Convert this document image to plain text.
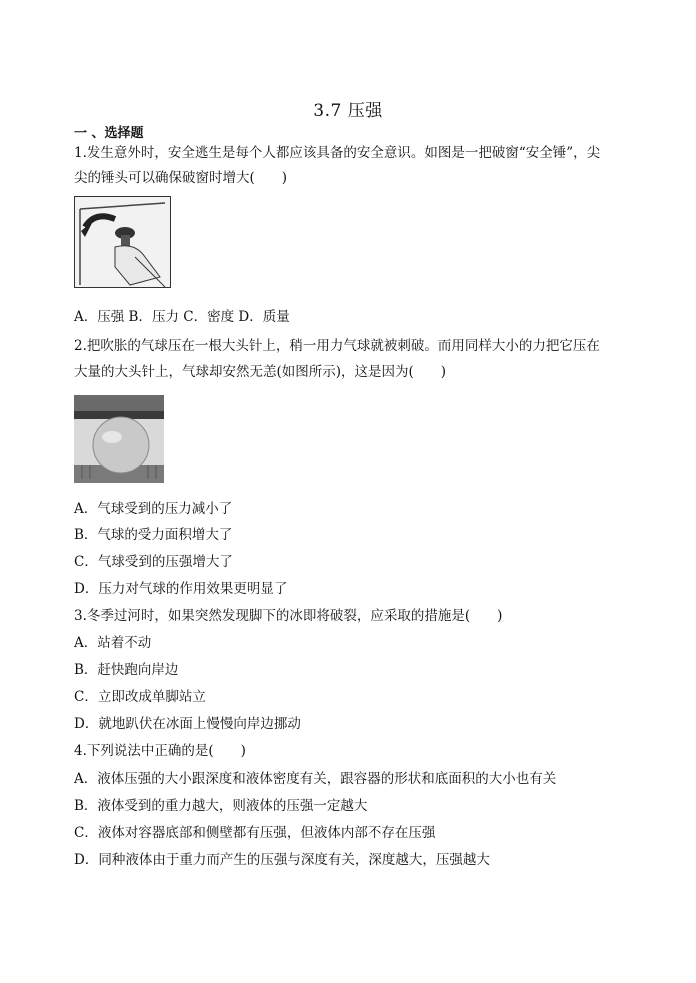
3.7 压强
一 、选择题
1.发生意外时，安全逃生是每个人都应该具备的安全意识。如图是一把破窗“安全锤”，尖
尖的锤头可以确保破窗时增大(　　)
A．压强 B．压力 C．密度 D．质量
2.把吹胀的气球压在一根大头针上，稍一用力气球就被刺破。而用同样大小的力把它压在
大量的大头针上，气球却安然无恙(如图所示)，这是因为(　　)
A．气球受到的压力减小了
B．气球的受力面积增大了
C．气球受到的压强增大了
D．压力对气球的作用效果更明显了
3.冬季过河时，如果突然发现脚下的冰即将破裂，应采取的措施是(　　)
A．站着不动
B．赶快跑向岸边
C．立即改成单脚站立
D．就地趴伏在冰面上慢慢向岸边挪动
4.下列说法中正确的是(　　)
A．液体压强的大小跟深度和液体密度有关，跟容器的形状和底面积的大小也有关
B．液体受到的重力越大，则液体的压强一定越大
C．液体对容器底部和侧壁都有压强，但液体内部不存在压强
D．同种液体由于重力而产生的压强与深度有关，深度越大，压强越大
